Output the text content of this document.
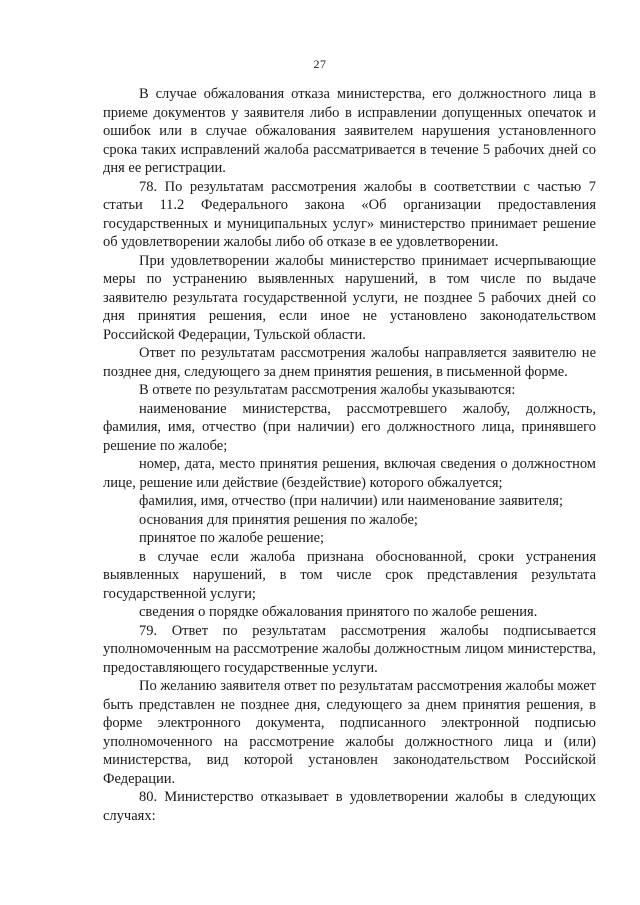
27

В случае обжалования отказа министерства, его должностного лица в приеме документов у заявителя либо в исправлении допущенных опечаток и ошибок или в случае обжалования заявителем нарушения установленного срока таких исправлений жалоба рассматривается в течение 5 рабочих дней со дня ее регистрации.

78. По результатам рассмотрения жалобы в соответствии с частью 7 статьи 11.2 Федерального закона «Об организации предоставления государственных и муниципальных услуг» министерство принимает решение об удовлетворении жалобы либо об отказе в ее удовлетворении.

При удовлетворении жалобы министерство принимает исчерпывающие меры по устранению выявленных нарушений, в том числе по выдаче заявителю результата государственной услуги, не позднее 5 рабочих дней со дня принятия решения, если иное не установлено законодательством Российской Федерации, Тульской области.

Ответ по результатам рассмотрения жалобы направляется заявителю не позднее дня, следующего за днем принятия решения, в письменной форме.

В ответе по результатам рассмотрения жалобы указываются:

наименование министерства, рассмотревшего жалобу, должность, фамилия, имя, отчество (при наличии) его должностного лица, принявшего решение по жалобе;

номер, дата, место принятия решения, включая сведения о должностном лице, решение или действие (бездействие) которого обжалуется;

фамилия, имя, отчество (при наличии) или наименование заявителя;

основания для принятия решения по жалобе;

принятое по жалобе решение;

в случае если жалоба признана обоснованной, сроки устранения выявленных нарушений, в том числе срок представления результата государственной услуги;

сведения о порядке обжалования принятого по жалобе решения.

79. Ответ по результатам рассмотрения жалобы подписывается уполномоченным на рассмотрение жалобы должностным лицом министерства, предоставляющего государственные услуги.

По желанию заявителя ответ по результатам рассмотрения жалобы может быть представлен не позднее дня, следующего за днем принятия решения, в форме электронного документа, подписанного электронной подписью уполномоченного на рассмотрение жалобы должностного лица и (или) министерства, вид которой установлен законодательством Российской Федерации.

80. Министерство отказывает в удовлетворении жалобы в следующих случаях:
